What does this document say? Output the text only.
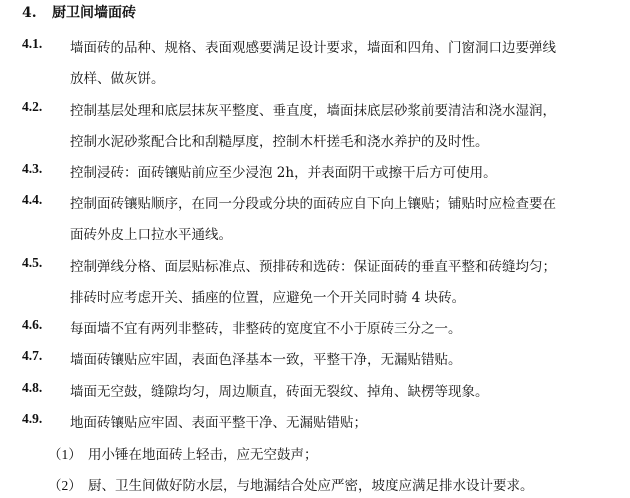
4. 厨卫间墙面砖
4.1. 墙面砖的品种、规格、表面观感要满足设计要求，墙面和四角、门窗洞口边要弹线
放样、做灰饼。
4.2. 控制基层处理和底层抹灰平整度、垂直度，墙面抹底层砂浆前要清洁和浇水湿润，
控制水泥砂浆配合比和刮糙厚度，控制木杆搓毛和浇水养护的及时性。
4.3. 控制浸砖：面砖镶贴前应至少浸泡 2h，并表面阴干或擦干后方可使用。
4.4. 控制面砖镶贴顺序，在同一分段或分块的面砖应自下向上镶贴；铺贴时应检查要在
面砖外皮上口拉水平通线。
4.5. 控制弹线分格、面层贴标准点、预排砖和选砖：保证面砖的垂直平整和砖缝均匀；
排砖时应考虑开关、插座的位置，应避免一个开关同时骑 4 块砖。
4.6. 每面墙不宜有两列非整砖，非整砖的宽度宜不小于原砖三分之一。
4.7. 墙面砖镶贴应牢固，表面色泽基本一致，平整干净，无漏贴错贴。
4.8. 墙面无空鼓，缝隙均匀，周边顺直，砖面无裂纹、掉角、缺楞等现象。
4.9. 地面砖镶贴应牢固、表面平整干净、无漏贴错贴；
（1） 用小锤在地面砖上轻击，应无空鼓声；
（2） 厨、卫生间做好防水层，与地漏结合处应严密，坡度应满足排水设计要求。
